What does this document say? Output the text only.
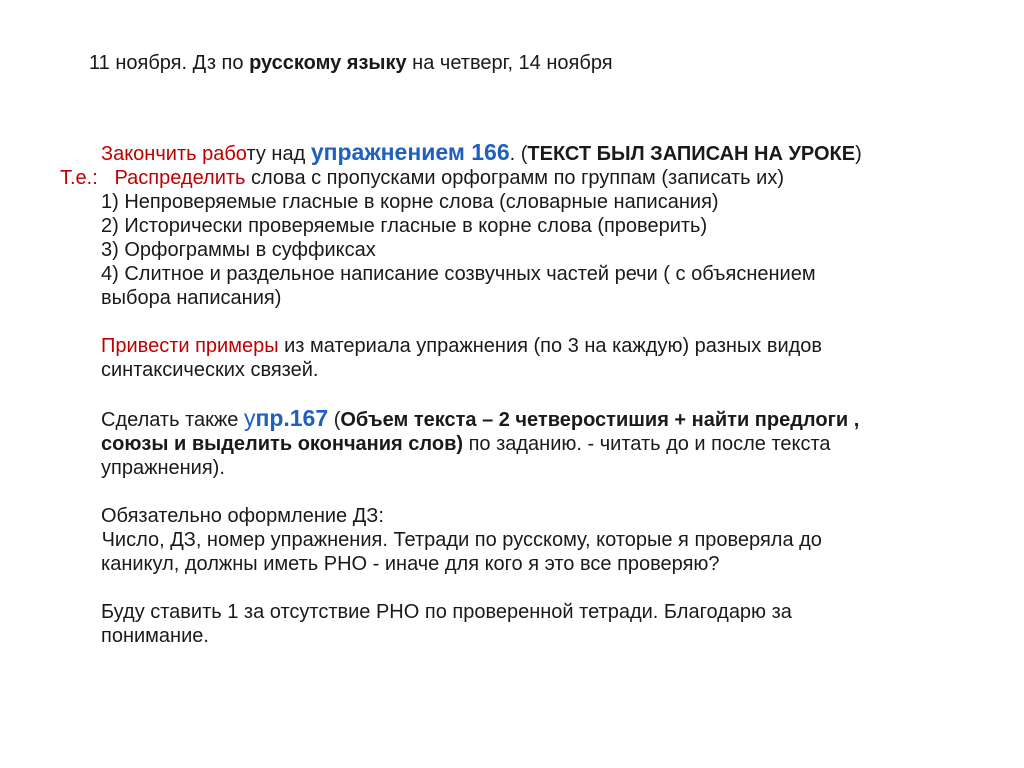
11 ноября. Дз по русскому языку на четверг, 14 ноября
Закончить работу над упражнением 166. (ТЕКСТ БЫЛ ЗАПИСАН НА УРОКЕ)
Т.е.: Распределить слова с пропусками орфограмм по группам (записать их)
1) Непроверяемые гласные в корне слова (словарные написания)
2) Исторически проверяемые гласные в корне слова (проверить)
3) Орфограммы в суффиксах
4) Слитное и раздельное написание созвучных частей речи ( с объяснением
выбора написания)
Привести примеры из материала упражнения (по 3 на каждую) разных видов
синтаксических связей.
Сделать также упр.167 (Объем текста – 2 четверостишия + найти предлоги ,
союзы и выделить окончания слов) по заданию. - читать до и после текста
упражнения).
Обязательно оформление ДЗ:
Число, ДЗ, номер упражнения. Тетради по русскому, которые я проверяла до
каникул, должны иметь РНО - иначе для кого я это все проверяю?
Буду ставить 1 за отсутствие РНО по проверенной тетради. Благодарю за
понимание.
